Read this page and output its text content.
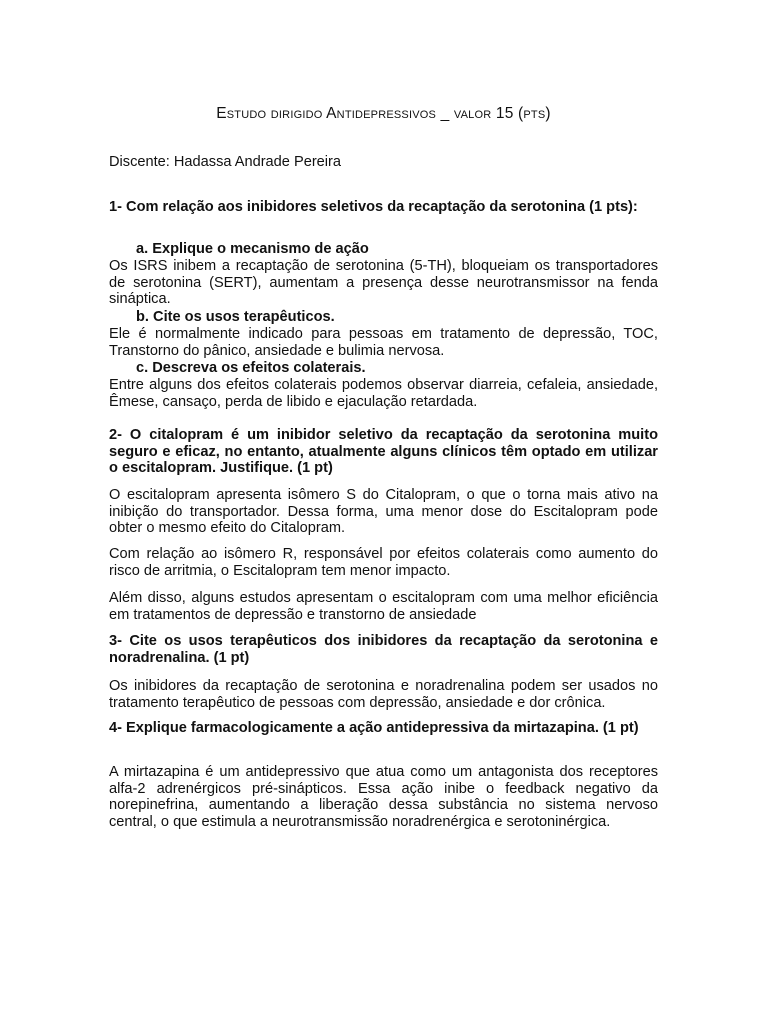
Estudo dirigido Antidepressivos _ valor 15 (pts)

Discente: Hadassa Andrade Pereira

1- Com relação aos inibidores seletivos da recaptação da serotonina (1 pts):

a. Explique o mecanismo de ação

Os ISRS inibem a recaptação de serotonina (5-TH), bloqueiam os transportadores de serotonina (SERT), aumentam a presença desse neurotransmissor na fenda sináptica.

b. Cite os usos terapêuticos.

Ele é normalmente indicado para pessoas em tratamento de depressão, TOC, Transtorno do pânico, ansiedade e bulimia nervosa.

c. Descreva os efeitos colaterais.

Entre alguns dos efeitos colaterais podemos observar diarreia, cefaleia, ansiedade, Êmese, cansaço, perda de libido e ejaculação retardada.

2- O citalopram é um inibidor seletivo da recaptação da serotonina muito seguro e eficaz, no entanto, atualmente alguns clínicos têm optado em utilizar o escitalopram. Justifique. (1 pt)

O escitalopram apresenta isômero S do Citalopram, o que o torna mais ativo na inibição do transportador. Dessa forma, uma menor dose do Escitalopram pode obter o mesmo efeito do Citalopram.

Com relação ao isômero R, responsável por efeitos colaterais como aumento do risco de arritmia, o Escitalopram tem menor impacto.

Além disso, alguns estudos apresentam o escitalopram com uma melhor eficiência em tratamentos de depressão e transtorno de ansiedade

3- Cite os usos terapêuticos dos inibidores da recaptação da serotonina e noradrenalina. (1 pt)

Os inibidores da recaptação de serotonina e noradrenalina podem ser usados no tratamento terapêutico de pessoas com depressão, ansiedade e dor crônica.

4- Explique farmacologicamente a ação antidepressiva da mirtazapina. (1 pt)

A mirtazapina é um antidepressivo que atua como um antagonista dos receptores alfa-2 adrenérgicos pré-sinápticos. Essa ação inibe o feedback negativo da norepinefrina, aumentando a liberação dessa substância no sistema nervoso central, o que estimula a neurotransmissão noradrenérgica e serotoninérgica.
